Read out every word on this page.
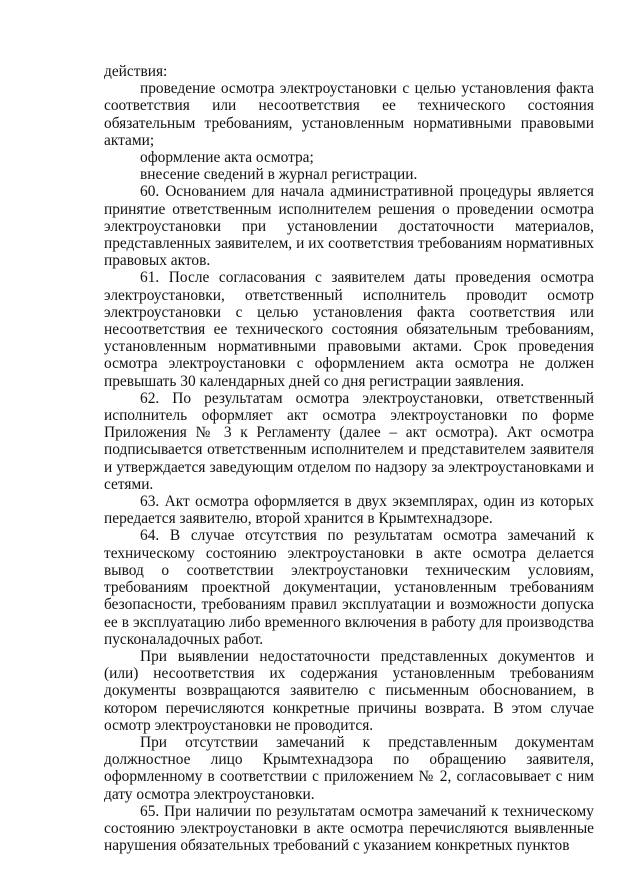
действия:

проведение осмотра электроустановки с целью установления факта соответствия или несоответствия ее технического состояния обязательным требованиям, установленным нормативными правовыми актами;

оформление акта осмотра;

внесение сведений в журнал регистрации.

60. Основанием для начала административной процедуры является принятие ответственным исполнителем решения о проведении осмотра электроустановки при установлении достаточности материалов, представленных заявителем, и их соответствия требованиям нормативных правовых актов.

61. После согласования с заявителем даты проведения осмотра электроустановки, ответственный исполнитель проводит осмотр электроустановки с целью установления факта соответствия или несоответствия ее технического состояния обязательным требованиям, установленным нормативными правовыми актами. Срок проведения осмотра электроустановки с оформлением акта осмотра не должен превышать 30 календарных дней со дня регистрации заявления.

62. По результатам осмотра электроустановки, ответственный исполнитель оформляет акт осмотра электроустановки по форме Приложения № 3 к Регламенту (далее – акт осмотра). Акт осмотра подписывается ответственным исполнителем и представителем заявителя и утверждается заведующим отделом по надзору за электроустановками и сетями.

63. Акт осмотра оформляется в двух экземплярах, один из которых передается заявителю, второй хранится в Крымтехнадзоре.

64. В случае отсутствия по результатам осмотра замечаний к техническому состоянию электроустановки в акте осмотра делается вывод о соответствии электроустановки техническим условиям, требованиям проектной документации, установленным требованиям безопасности, требованиям правил эксплуатации и возможности допуска ее в эксплуатацию либо временного включения в работу для производства пусконаладочных работ.

При выявлении недостаточности представленных документов и (или) несоответствия их содержания установленным требованиям документы возвращаются заявителю с письменным обоснованием, в котором перечисляются конкретные причины возврата. В этом случае осмотр электроустановки не проводится.

При отсутствии замечаний к представленным документам должностное лицо Крымтехнадзора по обращению заявителя, оформленному в соответствии с приложением № 2, согласовывает с ним дату осмотра электроустановки.

65. При наличии по результатам осмотра замечаний к техническому состоянию электроустановки в акте осмотра перечисляются выявленные нарушения обязательных требований с указанием конкретных пунктов
